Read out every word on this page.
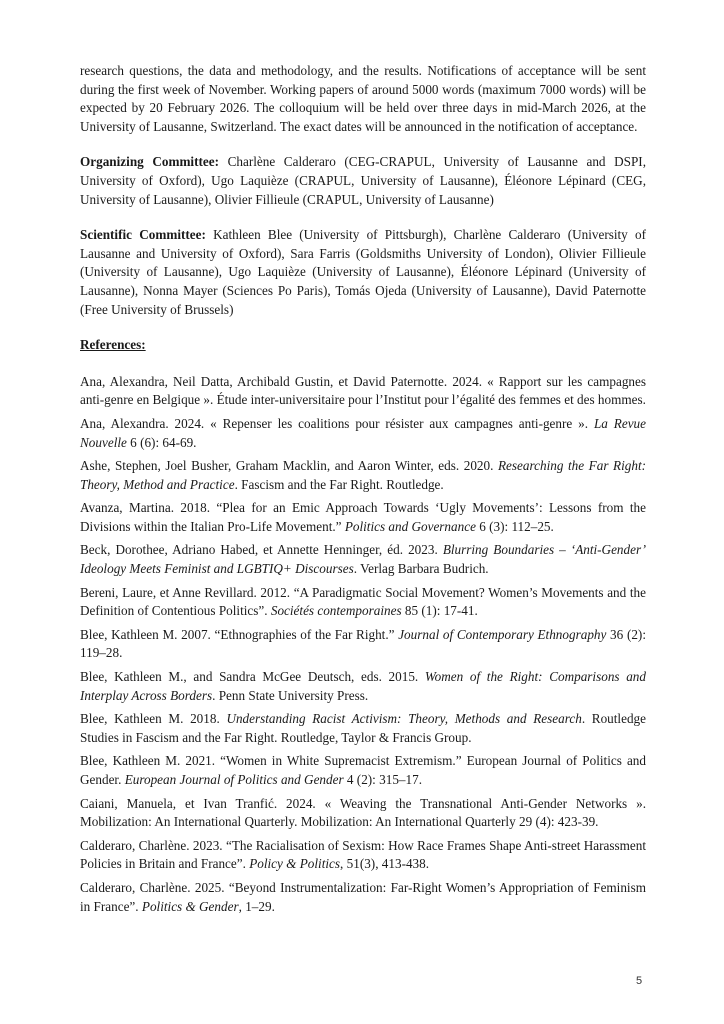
research questions, the data and methodology, and the results. Notifications of acceptance will be sent during the first week of November. Working papers of around 5000 words (maximum 7000 words) will be expected by 20 February 2026. The colloquium will be held over three days in mid-March 2026, at the University of Lausanne, Switzerland. The exact dates will be announced in the notification of acceptance.

Organizing Committee: Charlène Calderaro (CEG-CRAPUL, University of Lausanne and DSPI, University of Oxford), Ugo Laquièze (CRAPUL, University of Lausanne), Éléonore Lépinard (CEG, University of Lausanne), Olivier Fillieule (CRAPUL, University of Lausanne)

Scientific Committee: Kathleen Blee (University of Pittsburgh), Charlène Calderaro (University of Lausanne and University of Oxford), Sara Farris (Goldsmiths University of London), Olivier Fillieule (University of Lausanne), Ugo Laquièze (University of Lausanne), Éléonore Lépinard (University of Lausanne), Nonna Mayer (Sciences Po Paris), Tomás Ojeda (University of Lausanne), David Paternotte (Free University of Brussels)

References:

Ana, Alexandra, Neil Datta, Archibald Gustin, et David Paternotte. 2024. « Rapport sur les campagnes anti-genre en Belgique ». Étude inter-universitaire pour l’Institut pour l’égalité des femmes et des hommes.

Ana, Alexandra. 2024. « Repenser les coalitions pour résister aux campagnes anti-genre ». La Revue Nouvelle 6 (6): 64-69.

Ashe, Stephen, Joel Busher, Graham Macklin, and Aaron Winter, eds. 2020. Researching the Far Right: Theory, Method and Practice. Fascism and the Far Right. Routledge.

Avanza, Martina. 2018. “Plea for an Emic Approach Towards ‘Ugly Movements’: Lessons from the Divisions within the Italian Pro-Life Movement.” Politics and Governance 6 (3): 112–25.

Beck, Dorothee, Adriano Habed, et Annette Henninger, éd. 2023. Blurring Boundaries – ‘Anti-Gender’ Ideology Meets Feminist and LGBTIQ+ Discourses. Verlag Barbara Budrich.

Bereni, Laure, et Anne Revillard. 2012. “A Paradigmatic Social Movement? Women’s Movements and the Definition of Contentious Politics”. Sociétés contemporaines 85 (1): 17-41.

Blee, Kathleen M. 2007. “Ethnographies of the Far Right.” Journal of Contemporary Ethnography 36 (2): 119–28.

Blee, Kathleen M., and Sandra McGee Deutsch, eds. 2015. Women of the Right: Comparisons and Interplay Across Borders. Penn State University Press.

Blee, Kathleen M. 2018. Understanding Racist Activism: Theory, Methods and Research. Routledge Studies in Fascism and the Far Right. Routledge, Taylor & Francis Group.

Blee, Kathleen M. 2021. “Women in White Supremacist Extremism.” European Journal of Politics and Gender. European Journal of Politics and Gender 4 (2): 315–17.

Caiani, Manuela, et Ivan Tranfić. 2024. « Weaving the Transnational Anti-Gender Networks ». Mobilization: An International Quarterly. Mobilization: An International Quarterly 29 (4): 423-39.

Calderaro, Charlène. 2023. “The Racialisation of Sexism: How Race Frames Shape Anti-street Harassment Policies in Britain and France”. Policy & Politics, 51(3), 413-438.

Calderaro, Charlène. 2025. “Beyond Instrumentalization: Far-Right Women’s Appropriation of Feminism in France”. Politics & Gender, 1–29.

5
